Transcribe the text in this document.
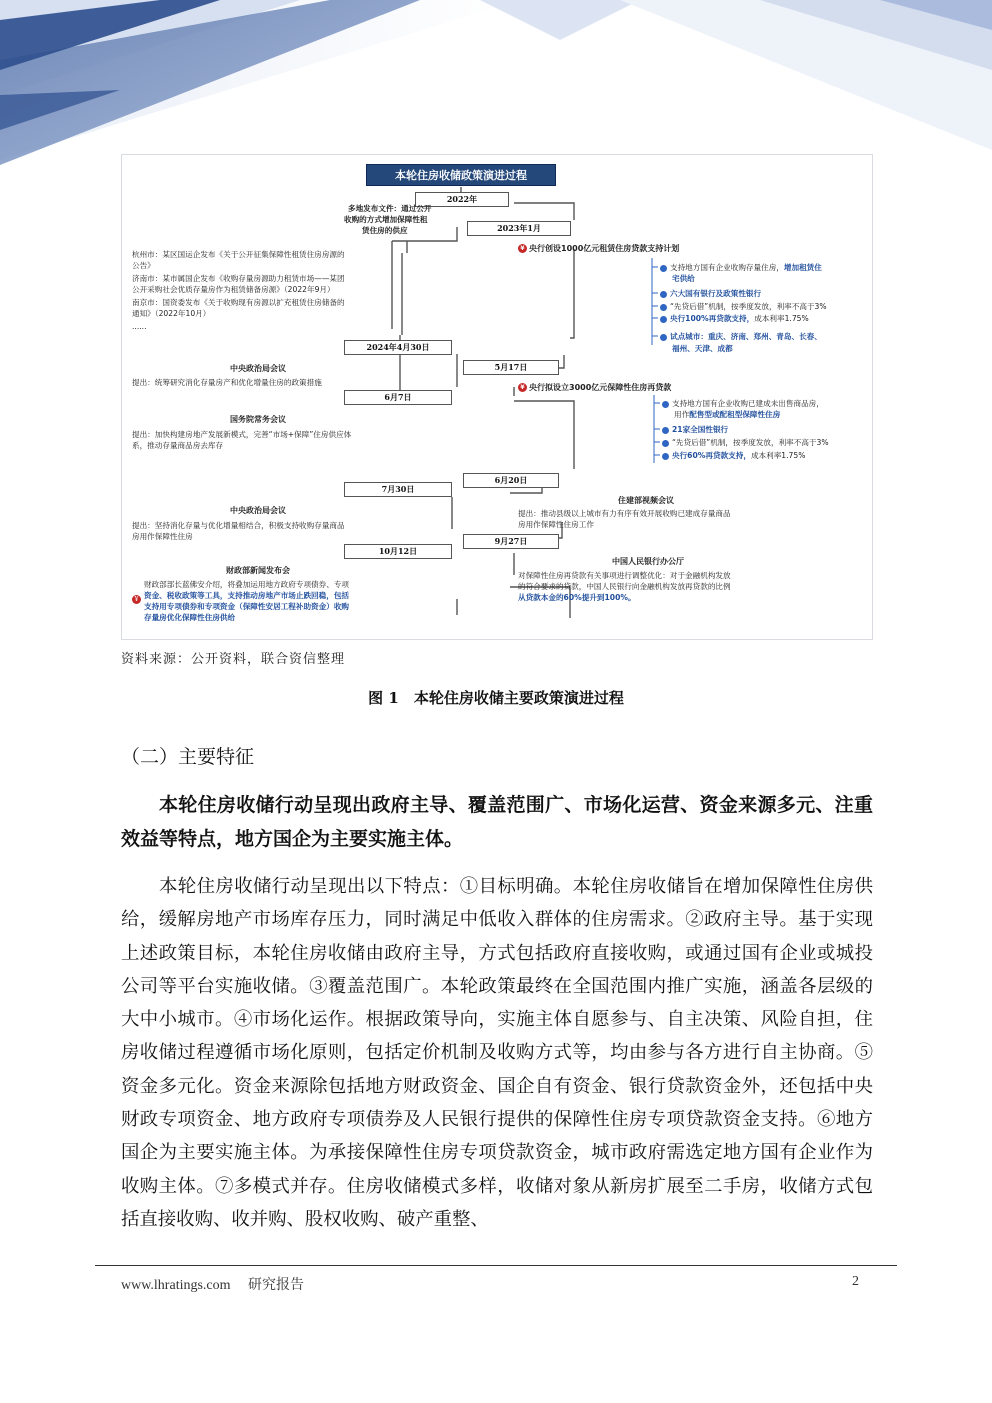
本轮住房收储政策演进过程
2022年
2023年1月
2024年4月30日
5月17日
6月7日
6月20日
7月30日
9月27日
10月12日
多地发布文件：通过公开
收购的方式增加保障性租
赁住房的供应
杭州市：某区国运企发布《关于公开征集保障性租赁住房房源的
公告》
济南市：某市属国企发布《收购存量房源助力租赁市场——某团
公开采购社会优质存量房作为租赁储备房源》（2022年9月）
南京市：国资委发布《关于收购现有房源以扩充租赁住房储备的
通知》（2022年10月）
......
¥ 央行创设1000亿元租赁住房贷款支持计划
支持地方国有企业收购存量住房，增加租赁住
宅供给
六大国有银行及政策性银行
“先贷后借”机制，按季度发放，利率不高于3%
央行100%再贷款支持，成本利率1.75%
试点城市：重庆、济南、郑州、青岛、长春、
福州、天津、成都
中央政治局会议
提出：统筹研究消化存量房产和优化增量住房的政策措施
¥ 央行拟设立3000亿元保障性住房再贷款
支持地方国有企业收购已建成未出售商品房，
用作配售型或配租型保障性住房
21家全国性银行
“先贷后借”机制，按季度发放，利率不高于3%
央行60%再贷款支持，成本利率1.75%
国务院常务会议
提出：加快构建房地产发展新模式，完善“市场+保障”住房供应体
系，推动存量商品房去库存
住建部视频会议
提出：推动县级以上城市有力有序有效开展收购已建成存量商品
房用作保障性住房工作
中央政治局会议
提出：坚持消化存量与优化增量相结合，积极支持收购存量商品
房用作保障性住房
中国人民银行办公厅
对保障性住房再贷款有关事项进行调整优化：对于金融机构发放
的符合要求的贷款，中国人民银行向金融机构发放再贷款的比例
从贷款本金的60%提升到100%。
财政部新闻发布会
财政部部长蓝佛安介绍，将叠加运用地方政府专项债券、专项
资金、税收政策等工具，支持推动房地产市场止跌回稳，包括
支持用专项债券和专项资金（保障性安居工程补助资金）收购
存量房优化保障性住房供给
¥
资料来源：公开资料，联合资信整理
图 1　本轮住房收储主要政策演进过程
（二）主要特征
本轮住房收储行动呈现出政府主导、覆盖范围广、市场化运营、资金来源多元、注重效益等特点，地方国企为主要实施主体。
本轮住房收储行动呈现出以下特点：①目标明确。本轮住房收储旨在增加保障性住房供给，缓解房地产市场库存压力，同时满足中低收入群体的住房需求。②政府主导。基于实现上述政策目标，本轮住房收储由政府主导，方式包括政府直接收购，或通过国有企业或城投公司等平台实施收储。③覆盖范围广。本轮政策最终在全国范围内推广实施，涵盖各层级的大中小城市。④市场化运作。根据政策导向，实施主体自愿参与、自主决策、风险自担，住房收储过程遵循市场化原则，包括定价机制及收购方式等，均由参与各方进行自主协商。⑤资金多元化。资金来源除包括地方财政资金、国企自有资金、银行贷款资金外，还包括中央财政专项资金、地方政府专项债券及人民银行提供的保障性住房专项贷款资金支持。⑥地方国企为主要实施主体。为承接保障性住房专项贷款资金，城市政府需选定地方国有企业作为收购主体。⑦多模式并存。住房收储模式多样，收储对象从新房扩展至二手房，收储方式包括直接收购、收并购、股权收购、破产重整、
www.lhratings.com　 研究报告	2
